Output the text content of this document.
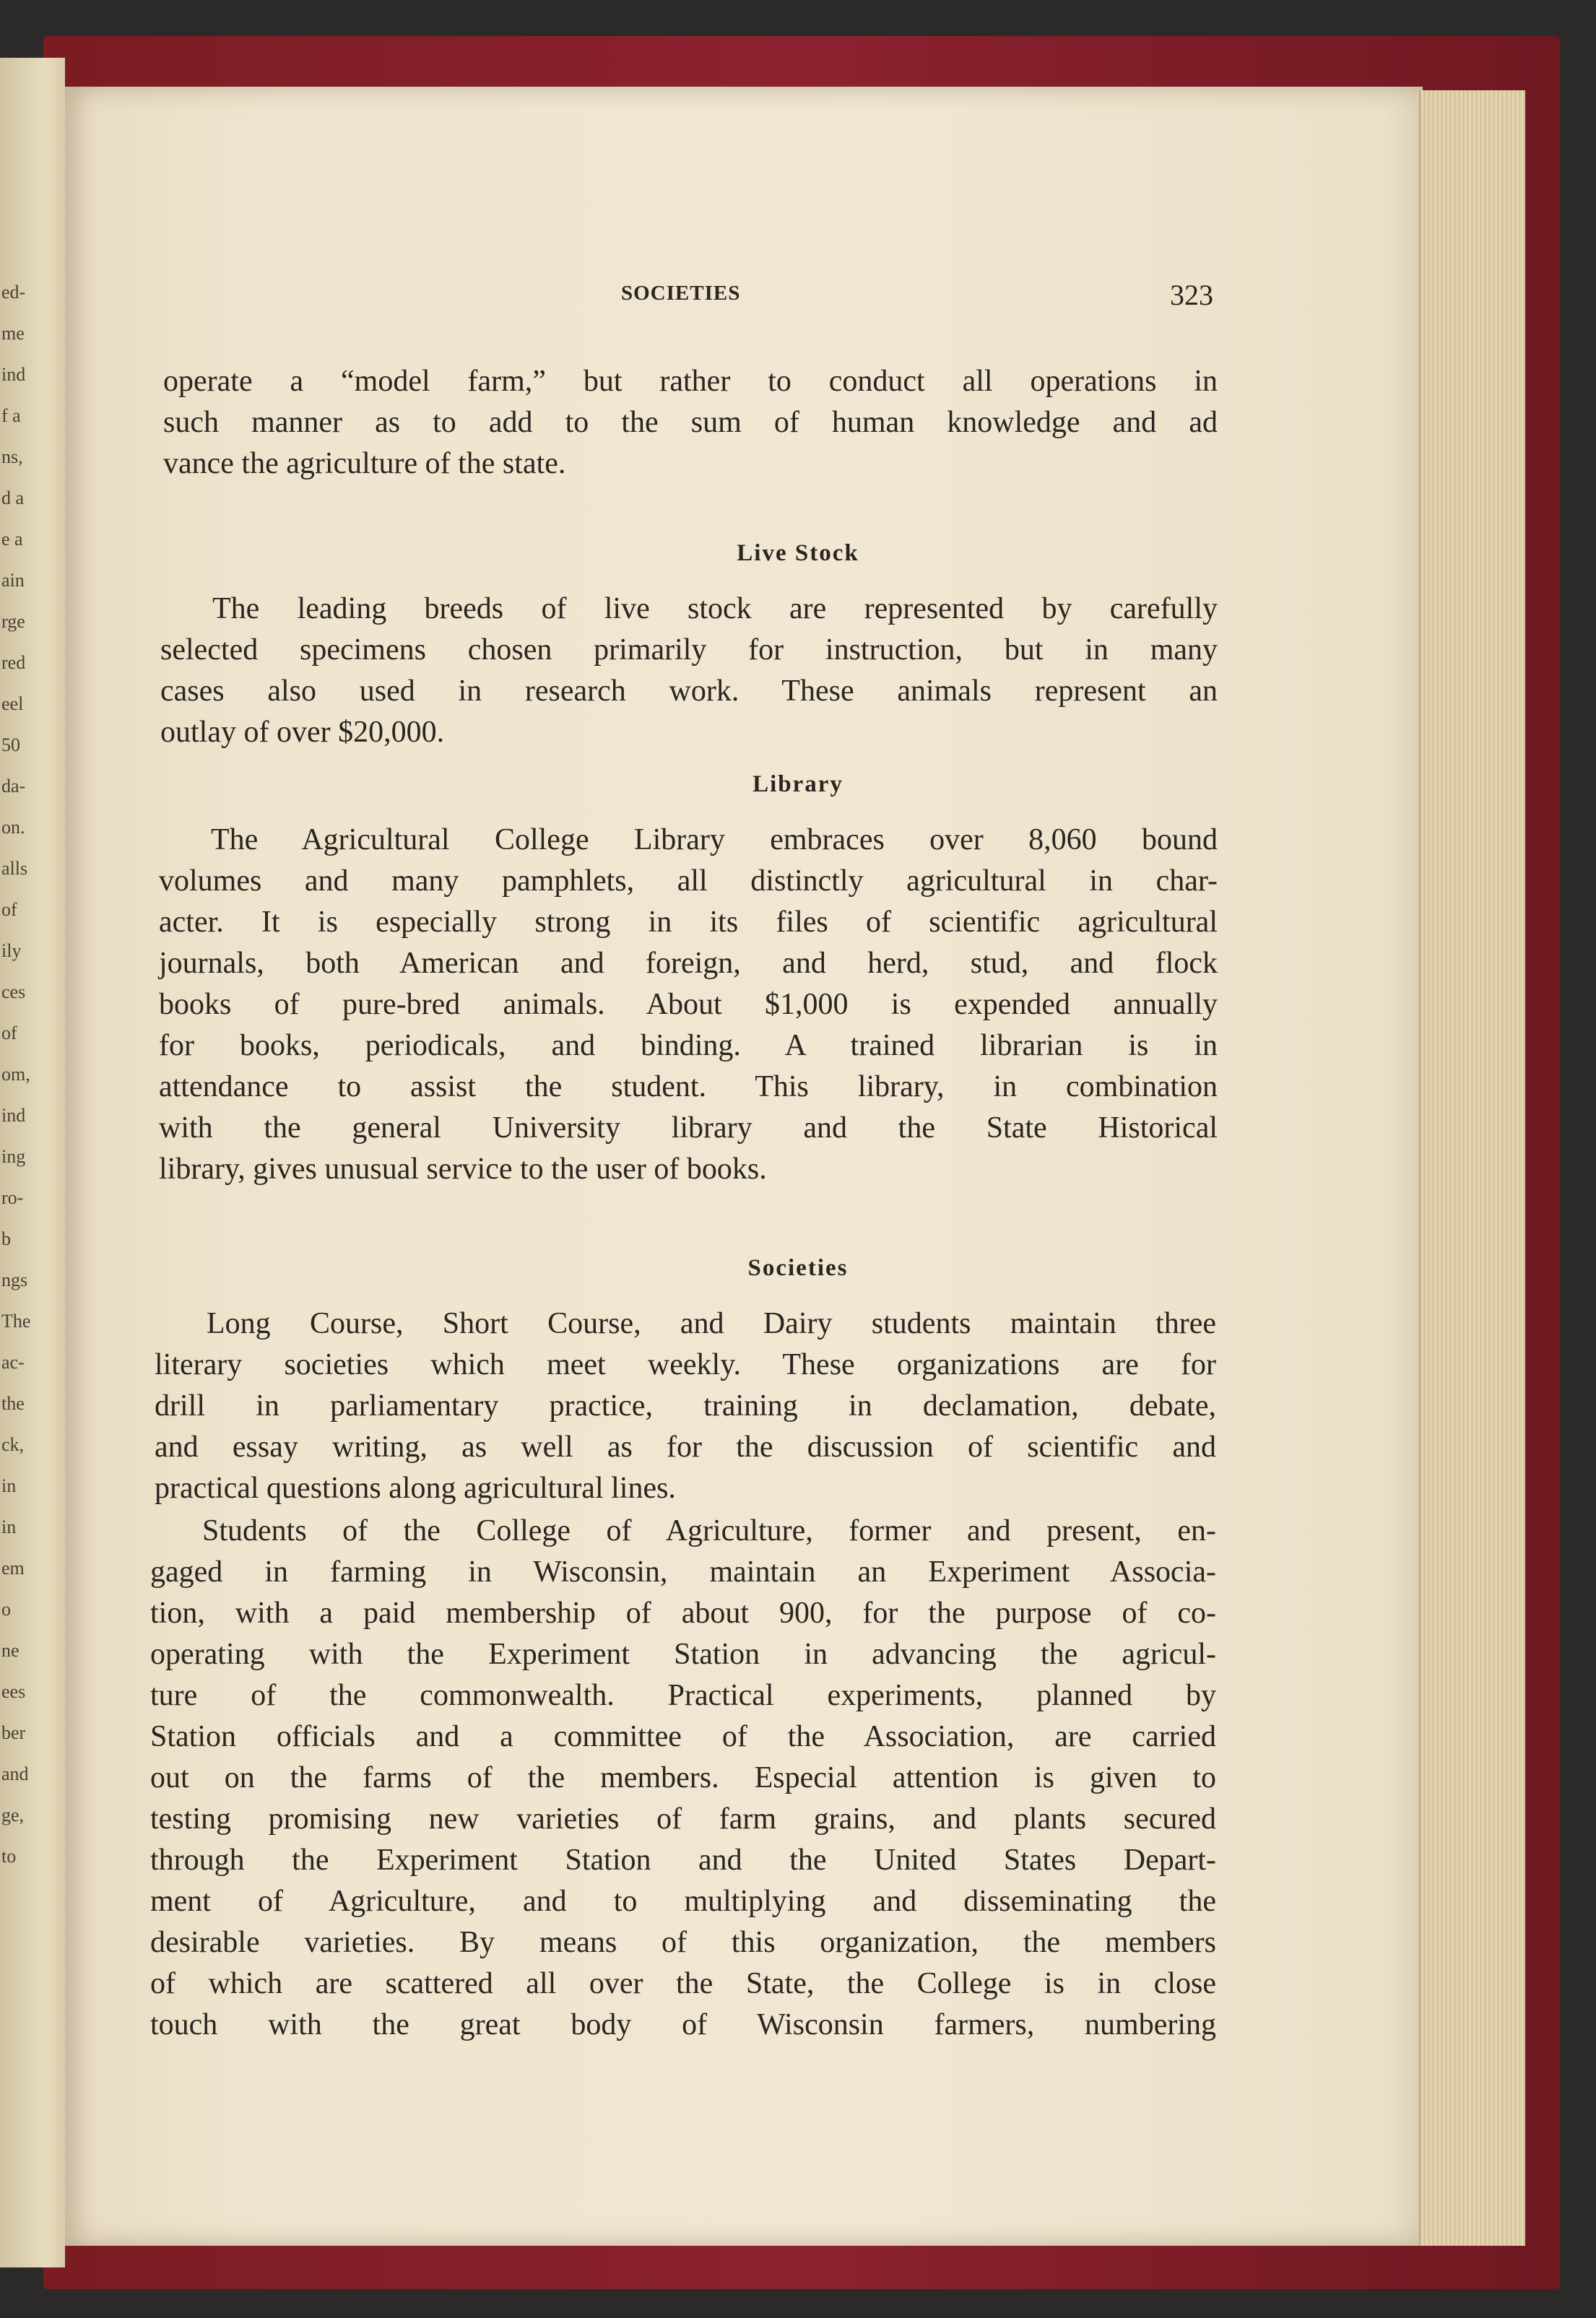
ed-
me
ind
f a
ns,
d a
e a
ain
rge
red
eel
50
da-
on.
alls
of
ily
ces
of
om,
ind
ing
ro-
b
ngs
The
ac-
the
ck,
in
in
em
o
ne
ees
ber
and
ge,
to
SOCIETIES	323
operate a “model farm,” but rather to conduct all operations in
such manner as to add to the sum of human knowledge and ad
vance the agriculture of the state.
Live Stock
The leading breeds of live stock are represented by carefully
selected specimens chosen primarily for instruction, but in many
cases also used in research work. These animals represent an
outlay of over $20,000.
Library
The Agricultural College Library embraces over 8,060 bound
volumes and many pamphlets, all distinctly agricultural in char-
acter. It is especially strong in its files of scientific agricultural
journals, both American and foreign, and herd, stud, and flock
books of pure-bred animals. About $1,000 is expended annually
for books, periodicals, and binding. A trained librarian is in
attendance to assist the student. This library, in combination
with the general University library and the State Historical
library, gives unusual service to the user of books.
Societies
Long Course, Short Course, and Dairy students maintain three
literary societies which meet weekly. These organizations are for
drill in parliamentary practice, training in declamation, debate,
and essay writing, as well as for the discussion of scientific and
practical questions along agricultural lines.
Students of the College of Agriculture, former and present, en-
gaged in farming in Wisconsin, maintain an Experiment Associa-
tion, with a paid membership of about 900, for the purpose of co-
operating with the Experiment Station in advancing the agricul-
ture of the commonwealth. Practical experiments, planned by
Station officials and a committee of the Association, are carried
out on the farms of the members. Especial attention is given to
testing promising new varieties of farm grains, and plants secured
through the Experiment Station and the United States Depart-
ment of Agriculture, and to multiplying and disseminating the
desirable varieties. By means of this organization, the members
of which are scattered all over the State, the College is in close
touch with the great body of Wisconsin farmers, numbering
